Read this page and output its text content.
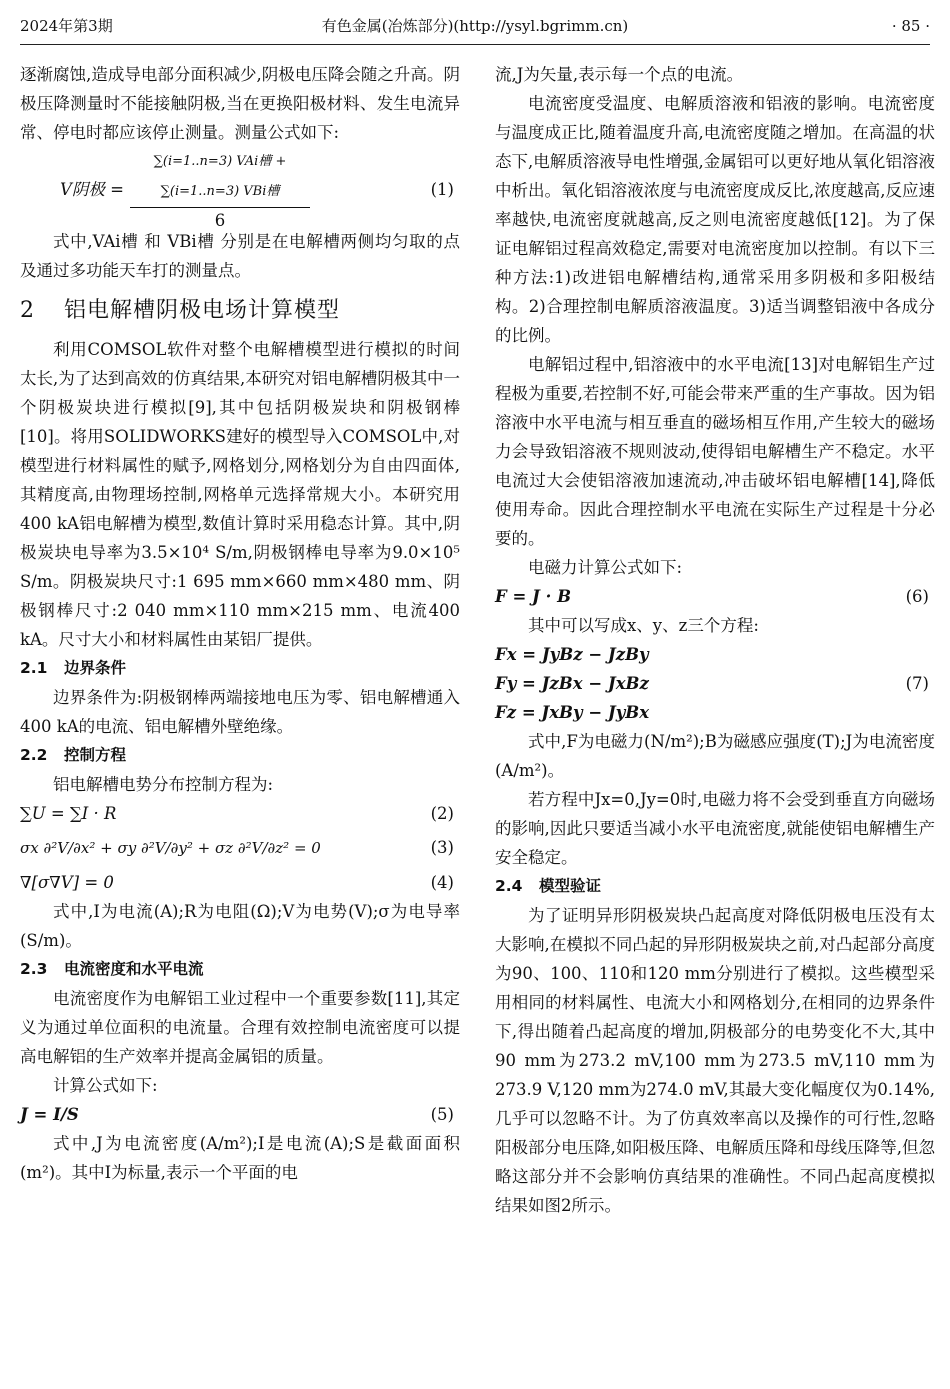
2024年第3期	有色金属(冶炼部分)(http://ysyl.bgrimm.cn)	· 85 ·

逐渐腐蚀,造成导电部分面积减少,阴极电压降会随之升高。阴极压降测量时不能接触阴极,当在更换阳极材料、发生电流异常、停电时都应该停止测量。测量公式如下:

V阴极 =
∑(i=1..n=3) VAi槽 + ∑(i=1..n=3) VBi槽
6
(1)

式中,VAi槽 和 VBi槽 分别是在电解槽两侧均匀取的点及通过多功能天车打的测量点。

2 铝电解槽阴极电场计算模型

利用COMSOL软件对整个电解槽模型进行模拟的时间太长,为了达到高效的仿真结果,本研究对铝电解槽阴极其中一个阴极炭块进行模拟[9],其中包括阴极炭块和阴极钢棒[10]。将用SOLIDWORKS建好的模型导入COMSOL中,对模型进行材料属性的赋予,网格划分,网格划分为自由四面体,其精度高,由物理场控制,网格单元选择常规大小。本研究用400 kA铝电解槽为模型,数值计算时采用稳态计算。其中,阴极炭块电导率为3.5×10⁴ S/m,阴极钢棒电导率为9.0×10⁵ S/m。阴极炭块尺寸:1 695 mm×660 mm×480 mm、阴极钢棒尺寸:2 040 mm×110 mm×215 mm、电流400 kA。尺寸大小和材料属性由某铝厂提供。

2.1 边界条件

边界条件为:阴极钢棒两端接地电压为零、铝电解槽通入400 kA的电流、铝电解槽外壁绝缘。

2.2 控制方程

铝电解槽电势分布控制方程为:

∑U = ∑I · R	(2)
σx ∂²V/∂x² + σy ∂²V/∂y² + σz ∂²V/∂z² = 0	(3)
∇[σ∇V] = 0	(4)

式中,I为电流(A);R为电阻(Ω);V为电势(V);σ为电导率(S/m)。

2.3 电流密度和水平电流

电流密度作为电解铝工业过程中一个重要参数[11],其定义为通过单位面积的电流量。合理有效控制电流密度可以提高电解铝的生产效率并提高金属铝的质量。

计算公式如下:

J = I/S	(5)

式中,J为电流密度(A/m²);I是电流(A);S是截面面积(m²)。其中I为标量,表示一个平面的电

流,J为矢量,表示每一个点的电流。

电流密度受温度、电解质溶液和铝液的影响。电流密度与温度成正比,随着温度升高,电流密度随之增加。在高温的状态下,电解质溶液导电性增强,金属铝可以更好地从氧化铝溶液中析出。氧化铝溶液浓度与电流密度成反比,浓度越高,反应速率越快,电流密度就越高,反之则电流密度越低[12]。为了保证电解铝过程高效稳定,需要对电流密度加以控制。有以下三种方法:1)改进铝电解槽结构,通常采用多阴极和多阳极结构。2)合理控制电解质溶液温度。3)适当调整铝液中各成分的比例。

电解铝过程中,铝溶液中的水平电流[13]对电解铝生产过程极为重要,若控制不好,可能会带来严重的生产事故。因为铝溶液中水平电流与相互垂直的磁场相互作用,产生较大的磁场力会导致铝溶液不规则波动,使得铝电解槽生产不稳定。水平电流过大会使铝溶液加速流动,冲击破坏铝电解槽[14],降低使用寿命。因此合理控制水平电流在实际生产过程是十分必要的。

电磁力计算公式如下:

F = J · B	(6)

其中可以写成x、y、z三个方程:

Fx = JyBz − JzBy
Fy = JzBx − JxBz
Fz = JxBy − JyBx
(7)

式中,F为电磁力(N/m²);B为磁感应强度(T);J为电流密度(A/m²)。

若方程中Jx=0,Jy=0时,电磁力将不会受到垂直方向磁场的影响,因此只要适当减小水平电流密度,就能使铝电解槽生产安全稳定。

2.4 模型验证

为了证明异形阴极炭块凸起高度对降低阴极电压没有太大影响,在模拟不同凸起的异形阴极炭块之前,对凸起部分高度为90、100、110和120 mm分别进行了模拟。这些模型采用相同的材料属性、电流大小和网格划分,在相同的边界条件下,得出随着凸起高度的增加,阴极部分的电势变化不大,其中90 mm为273.2 mV,100 mm为273.5 mV,110 mm为273.9 V,120 mm为274.0 mV,其最大变化幅度仅为0.14%,几乎可以忽略不计。为了仿真效率高以及操作的可行性,忽略阳极部分电压降,如阳极压降、电解质压降和母线压降等,但忽略这部分并不会影响仿真结果的准确性。不同凸起高度模拟结果如图2所示。
